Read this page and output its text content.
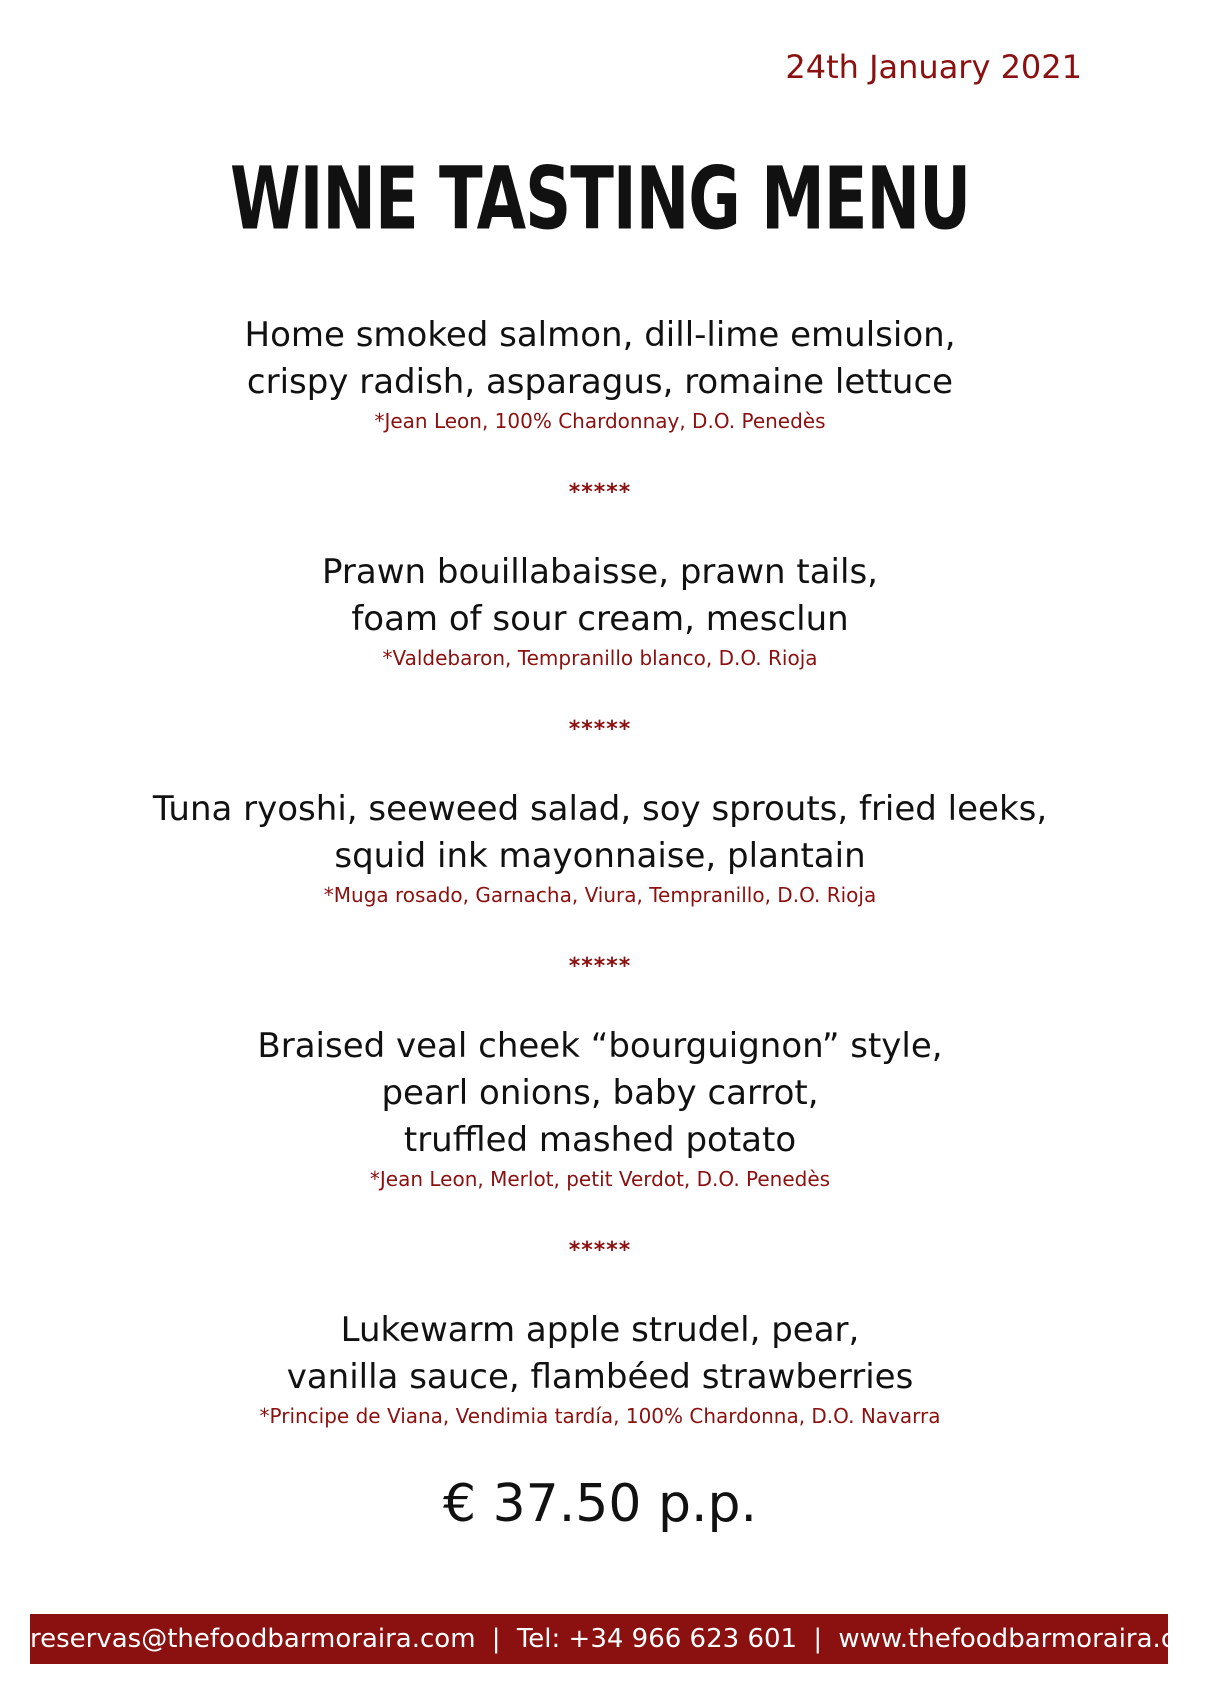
24th January 2021
WINE TASTING MENU
Home smoked salmon, dill-lime emulsion,
crispy radish, asparagus, romaine lettuce
*Jean Leon, 100% Chardonnay, D.O. Penedès
*****
Prawn bouillabaisse, prawn tails,
foam of sour cream, mesclun
*Valdebaron, Tempranillo blanco, D.O. Rioja
*****
Tuna ryoshi, seeweed salad, soy sprouts, fried leeks,
squid ink mayonnaise, plantain
*Muga rosado, Garnacha, Viura, Tempranillo, D.O. Rioja
*****
Braised veal cheek “bourguignon” style,
pearl onions, baby carrot,
truffled mashed potato
*Jean Leon, Merlot, petit Verdot, D.O. Penedès
*****
Lukewarm apple strudel, pear,
vanilla sauce, flambéed strawberries
*Principe de Viana, Vendimia tardía, 100% Chardonna, D.O. Navarra
€ 37.50 p.p.
reservas@thefoodbarmoraira.com | Tel: +34 966 623 601 | www.thefoodbarmoraira.com
